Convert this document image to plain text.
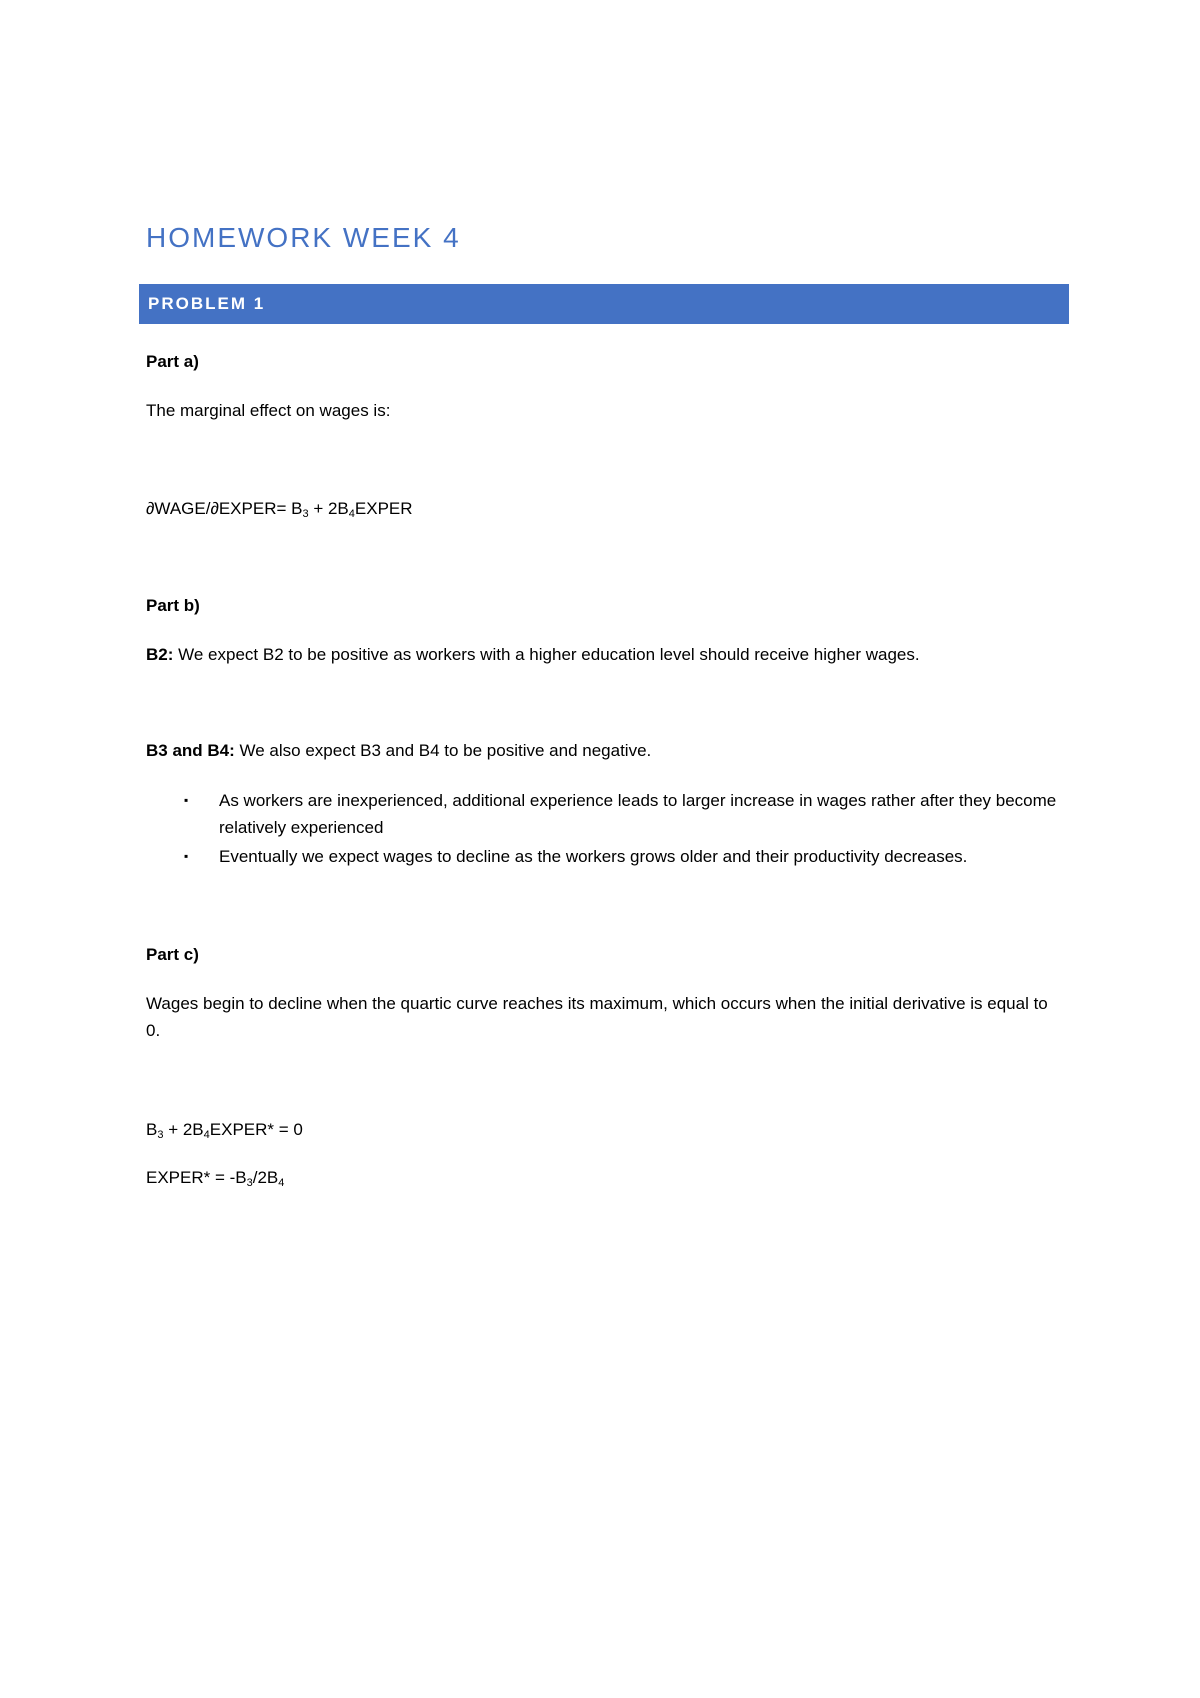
HOMEWORK WEEK 4
PROBLEM 1

Part a)

The marginal effect on wages is:

∂WAGE/∂EXPER= $B_3$ + $2B_4EXPER$

Part b)

B2: We expect B2 to be positive as workers with a higher education level should receive higher wages.

B3 and B4: We also expect B3 and B4 to be positive and negative.

▪ As workers are inexperienced, additional experience leads to larger increase in wages rather after they become relatively experienced
▪ Eventually we expect wages to decline as the workers grows older and their productivity decreases.

Part c)

Wages begin to decline when the quartic curve reaches its maximum, which occurs when the initial derivative is equal to 0.

$B_3$ + $2B_4EXPER* = 0$

EXPER* = $-B_3/2B_4$
